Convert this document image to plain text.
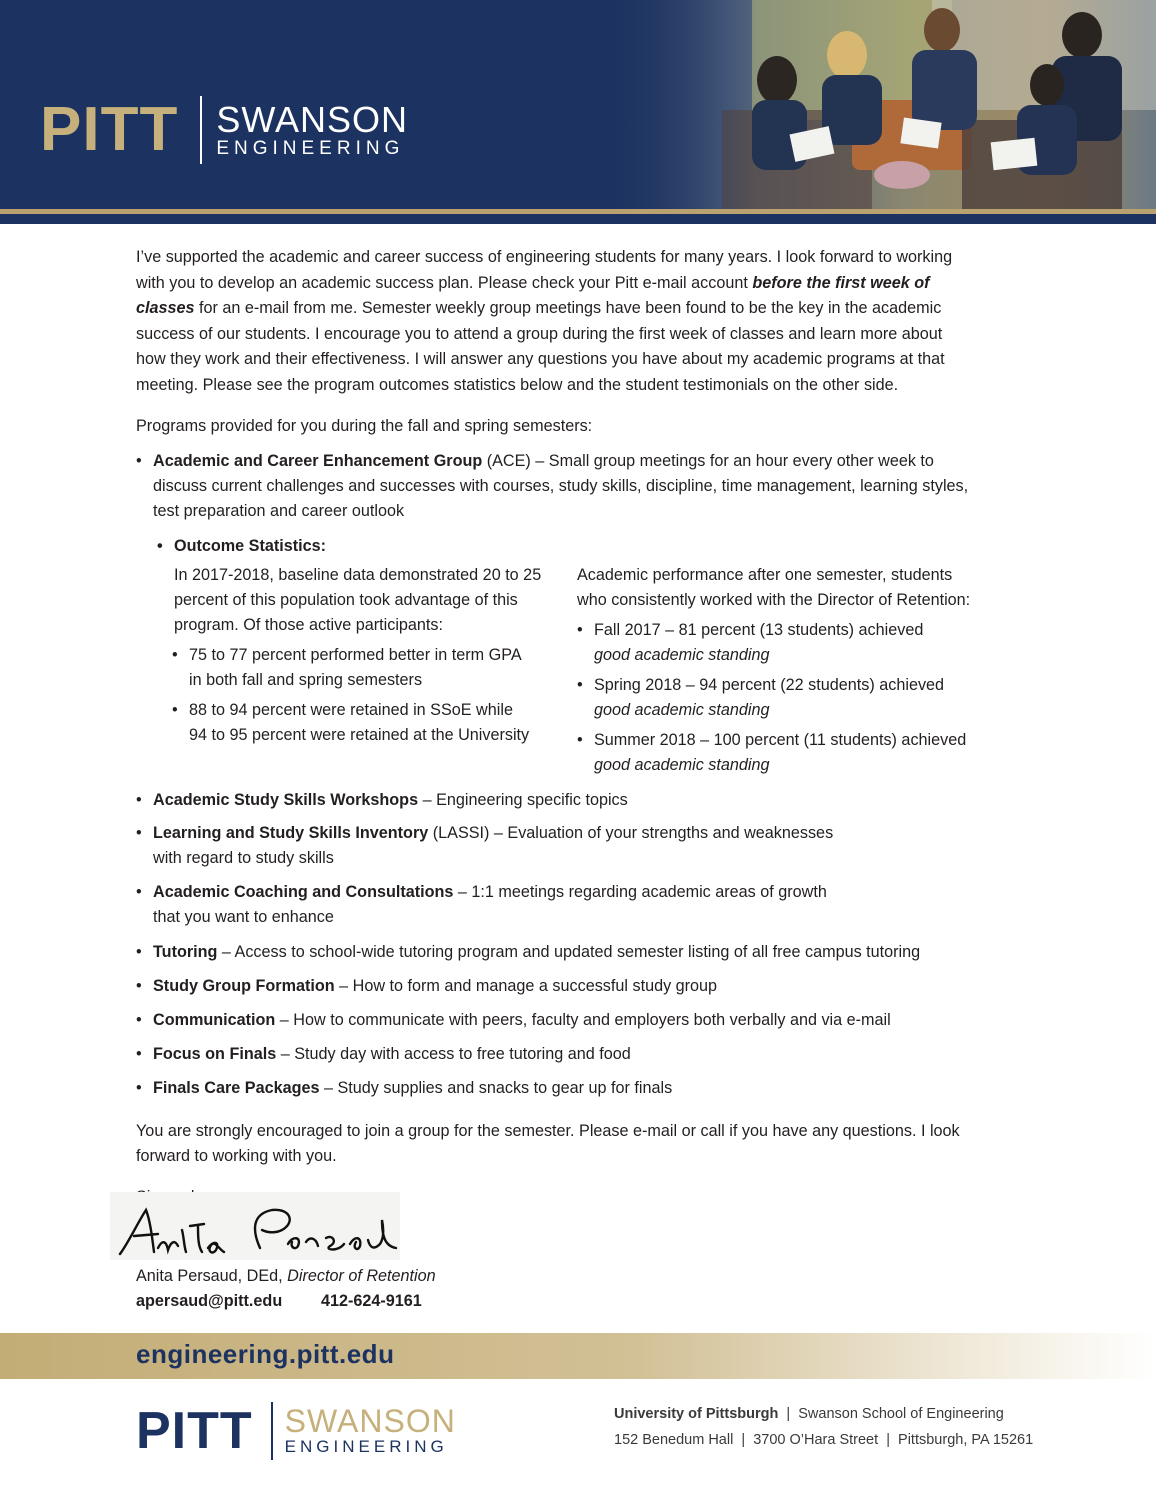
PITT SWANSON
ENGINEERING

I’ve supported the academic and career success of engineering students for many years. I look forward to working with you to develop an academic success plan. Please check your Pitt e-mail account before the first week of classes for an e-mail from me. Semester weekly group meetings have been found to be the key in the academic success of our students. I encourage you to attend a group during the first week of classes and learn more about how they work and their effectiveness. I will answer any questions you have about my academic programs at that meeting. Please see the program outcomes statistics below and the student testimonials on the other side.

Programs provided for you during the fall and spring semesters:
• Academic and Career Enhancement Group (ACE) – Small group meetings for an hour every other week to
discuss current challenges and successes with courses, study skills, discipline, time management, learning styles,
test preparation and career outlook
• Outcome Statistics:
In 2017-2018, baseline data demonstrated 20 to 25
percent of this population took advantage of this
program. Of those active participants:
• 75 to 77 percent performed better in term GPA
in both fall and spring semesters
• 88 to 94 percent were retained in SSoE while
94 to 95 percent were retained at the University
Academic performance after one semester, students
who consistently worked with the Director of Retention:
• Fall 2017 – 81 percent (13 students) achieved
good academic standing
• Spring 2018 – 94 percent (22 students) achieved
good academic standing
• Summer 2018 – 100 percent (11 students) achieved
good academic standing
• Academic Study Skills Workshops – Engineering specific topics
• Learning and Study Skills Inventory (LASSI) – Evaluation of your strengths and weaknesses
with regard to study skills
• Academic Coaching and Consultations – 1:1 meetings regarding academic areas of growth
that you want to enhance
• Tutoring – Access to school-wide tutoring program and updated semester listing of all free campus tutoring
• Study Group Formation – How to form and manage a successful study group
• Communication – How to communicate with peers, faculty and employers both verbally and via e-mail
• Focus on Finals – Study day with access to free tutoring and food
• Finals Care Packages – Study supplies and snacks to gear up for finals
You are strongly encouraged to join a group for the semester. Please e-mail or call if you have any questions. I look
forward to working with you.
Anita Persaud, DEd, Director of Retention
apersaud@pitt.edu 412-624-9161
engineering.pitt.edu
PITT SWANSON
ENGINEERING
University of Pittsburgh  |  Swanson School of Engineering
152 Benedum Hall  |  3700 O’Hara Street  |  Pittsburgh, PA 15261
